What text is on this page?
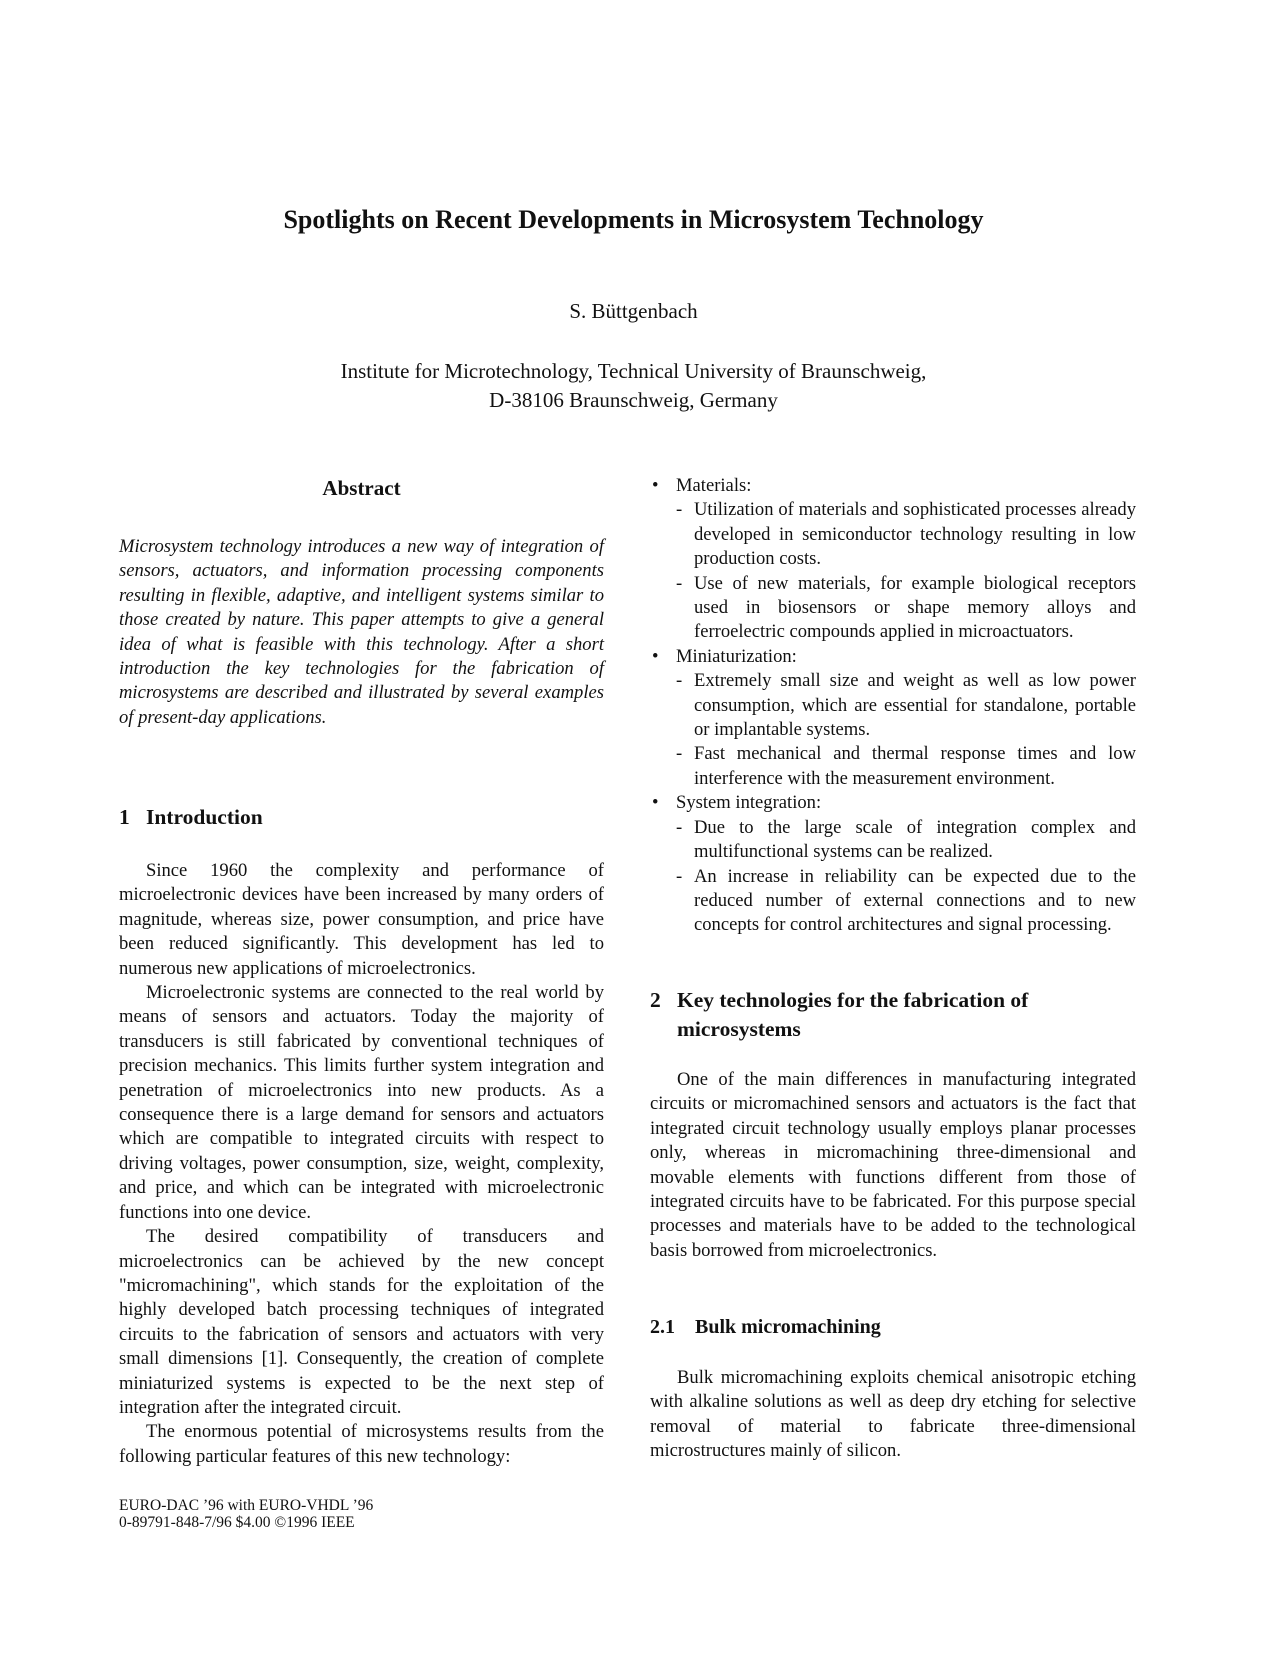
Spotlights on Recent Developments in Microsystem Technology
S. Büttgenbach
Institute for Microtechnology, Technical University of Braunschweig,
D-38106 Braunschweig, Germany
Abstract
Microsystem technology introduces a new way of integration of sensors, actuators, and information processing components resulting in flexible, adaptive, and intelligent systems similar to those created by nature. This paper attempts to give a general idea of what is feasible with this technology. After a short introduction the key technologies for the fabrication of microsystems are described and illustrated by several examples of present-day applications.
1 Introduction

Since 1960 the complexity and performance of microelectronic devices have been increased by many orders of magnitude, whereas size, power consumption, and price have been reduced significantly. This development has led to numerous new applications of microelectronics.

Microelectronic systems are connected to the real world by means of sensors and actuators. Today the majority of transducers is still fabricated by conventional techniques of precision mechanics. This limits further system integration and penetration of microelectronics into new products. As a consequence there is a large demand for sensors and actuators which are compatible to integrated circuits with respect to driving voltages, power consumption, size, weight, complexity, and price, and which can be integrated with microelectronic functions into one device.

The desired compatibility of transducers and microelectronics can be achieved by the new concept "micromachining", which stands for the exploitation of the highly developed batch processing techniques of integrated circuits to the fabrication of sensors and actuators with very small dimensions [1]. Consequently, the creation of complete miniaturized systems is expected to be the next step of integration after the integrated circuit.

The enormous potential of microsystems results from the following particular features of this new technology:

• Materials:
- Utilization of materials and sophisticated processes already developed in semiconductor technology resulting in low production costs.
- Use of new materials, for example biological receptors used in biosensors or shape memory alloys and ferroelectric compounds applied in microactuators.
• Miniaturization:
- Extremely small size and weight as well as low power consumption, which are essential for standalone, portable or implantable systems.
- Fast mechanical and thermal response times and low interference with the measurement environment.
• System integration:
- Due to the large scale of integration complex and multifunctional systems can be realized.
- An increase in reliability can be expected due to the reduced number of external connections and to new concepts for control architectures and signal processing.
2 Key technologies for the fabrication of microsystems

One of the main differences in manufacturing integrated circuits or micromachined sensors and actuators is the fact that integrated circuit technology usually employs planar processes only, whereas in micromachining three-dimensional and movable elements with functions different from those of integrated circuits have to be fabricated. For this purpose special processes and materials have to be added to the technological basis borrowed from microelectronics.

2.1 Bulk micromachining

Bulk micromachining exploits chemical anisotropic etching with alkaline solutions as well as deep dry etching for selective removal of material to fabricate three-dimensional microstructures mainly of silicon.

EURO-DAC ’96 with EURO-VHDL ’96
0-89791-848-7/96 $4.00 ©1996 IEEE
